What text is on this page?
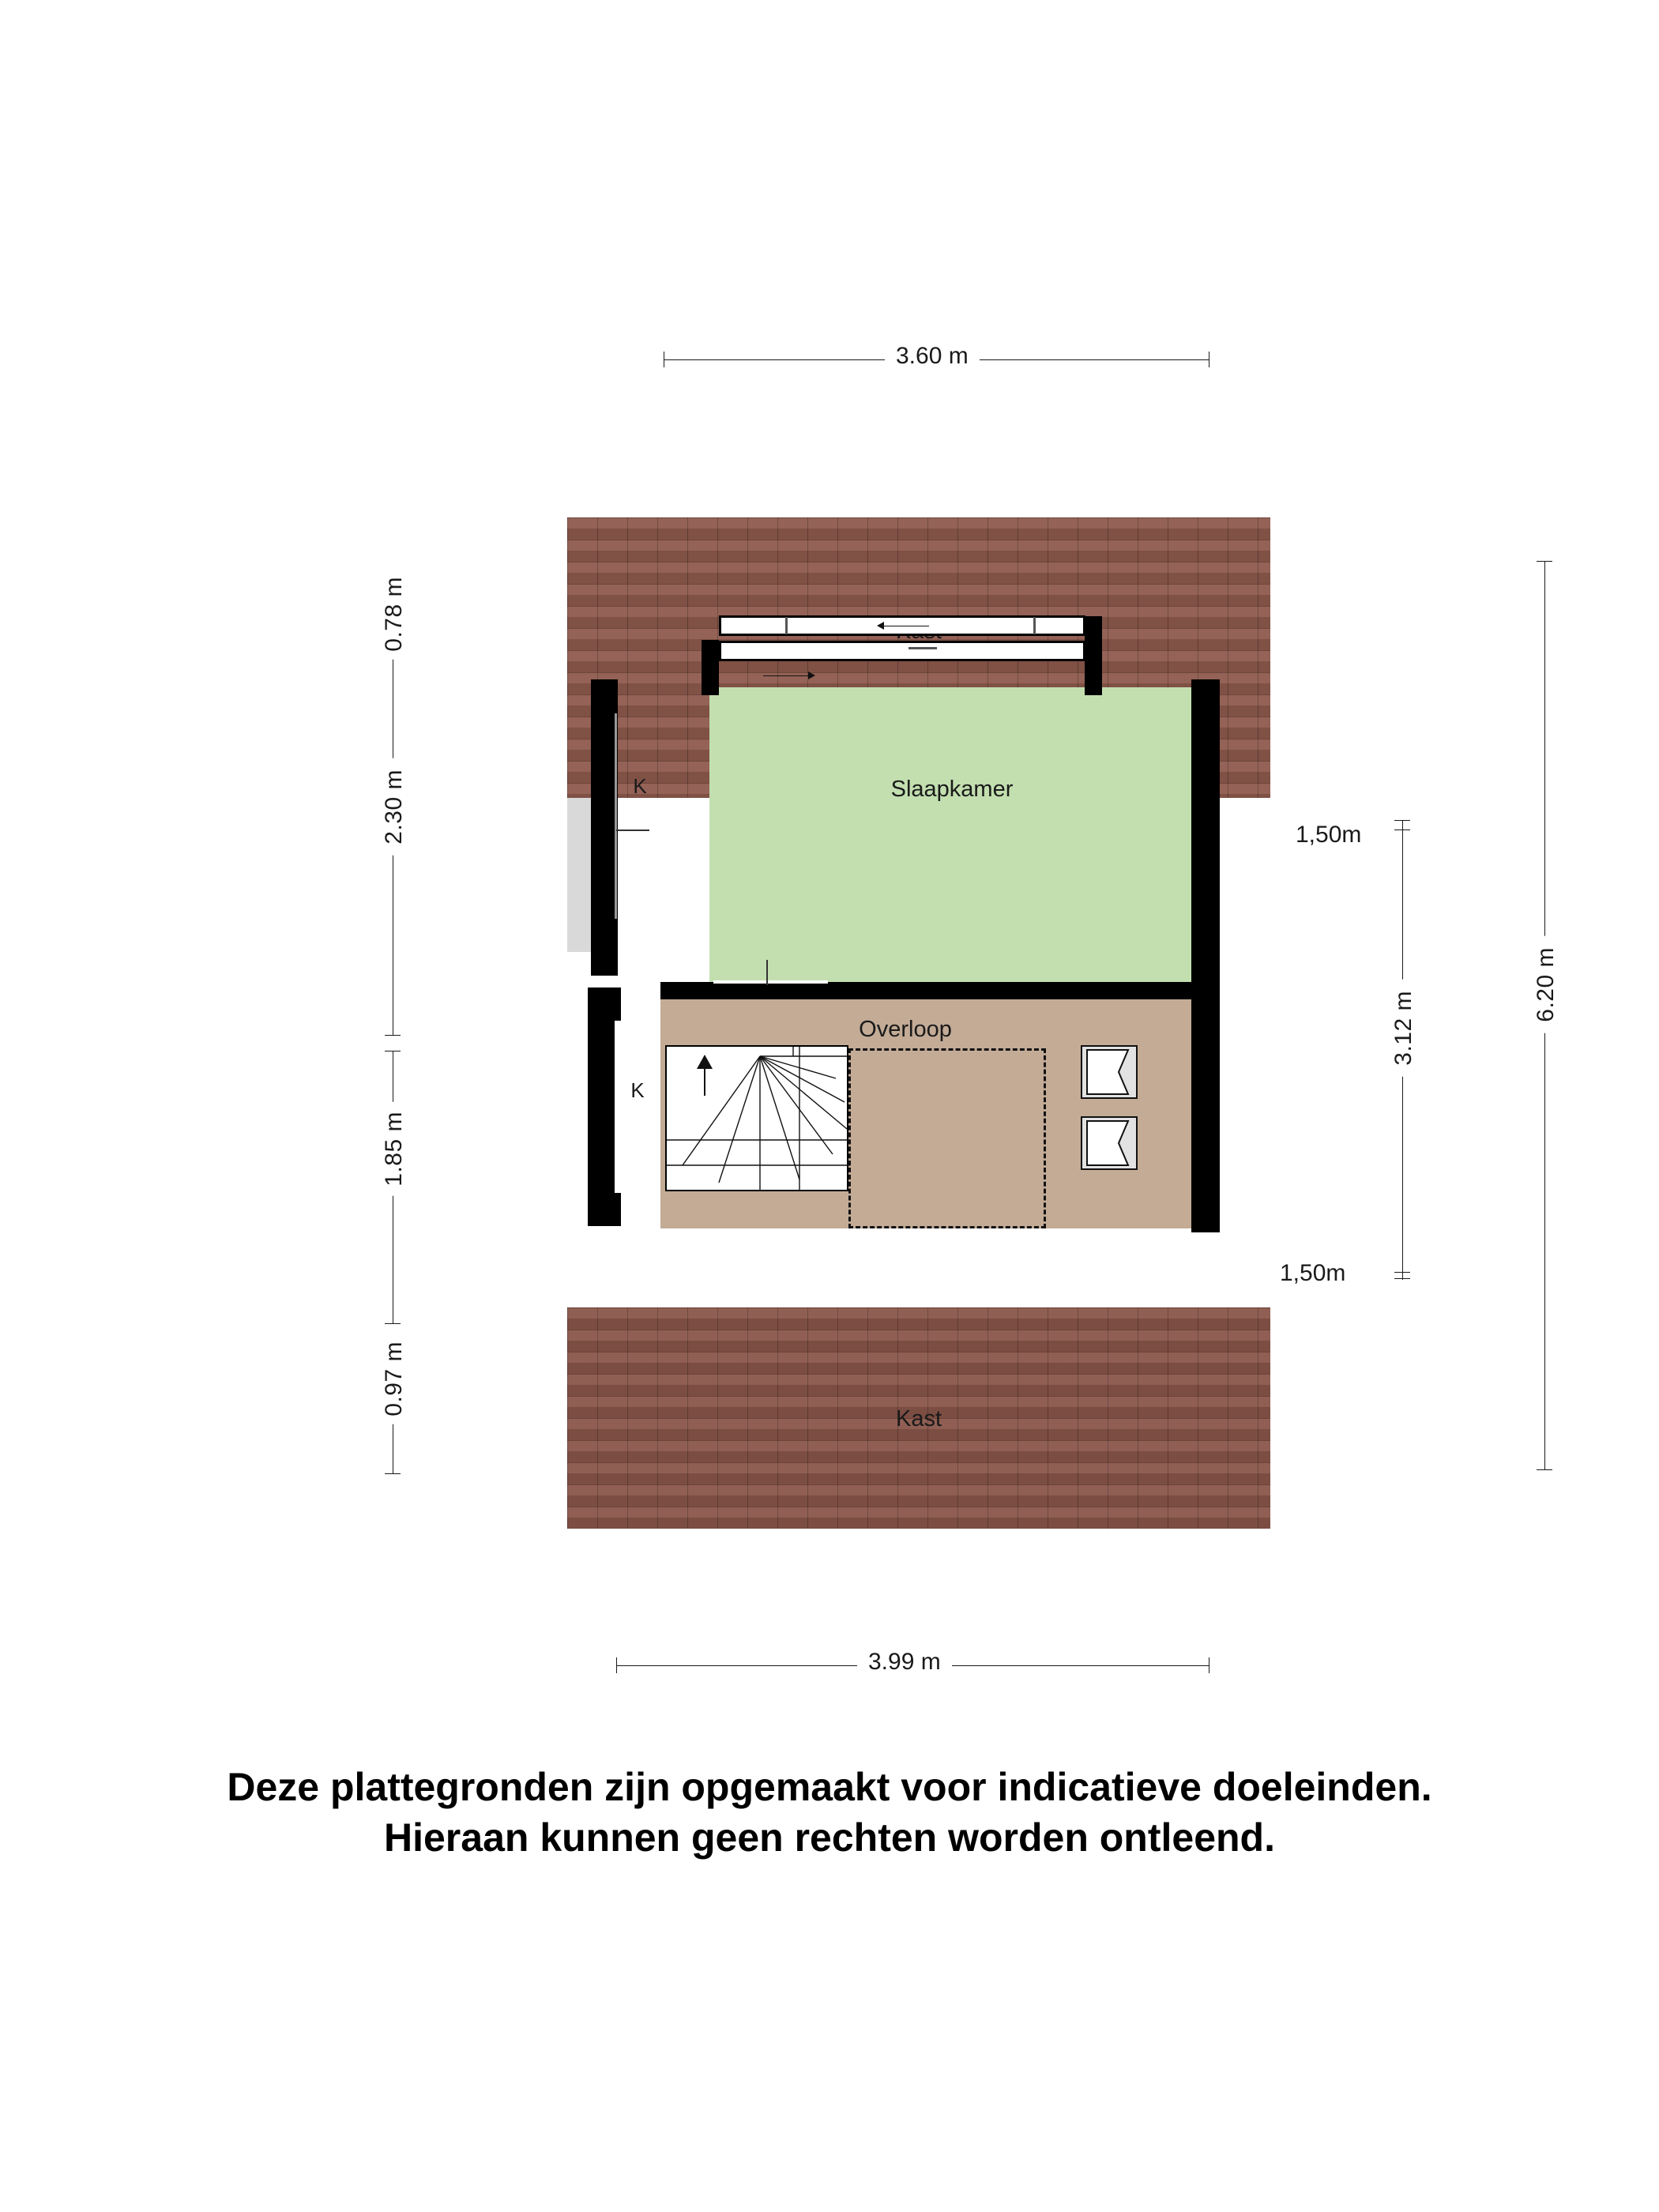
3.60 m
3.99 m
2.30 m
0.78 m
1.85 m
0.97 m
6.20 m
3.12 m
1,50m
1,50m
Kast
Slaapkamer
Overloop
K
K
Deze plattegronden zijn opgemaakt voor indicatieve doeleinden.
Hieraan kunnen geen rechten worden ontleend.
